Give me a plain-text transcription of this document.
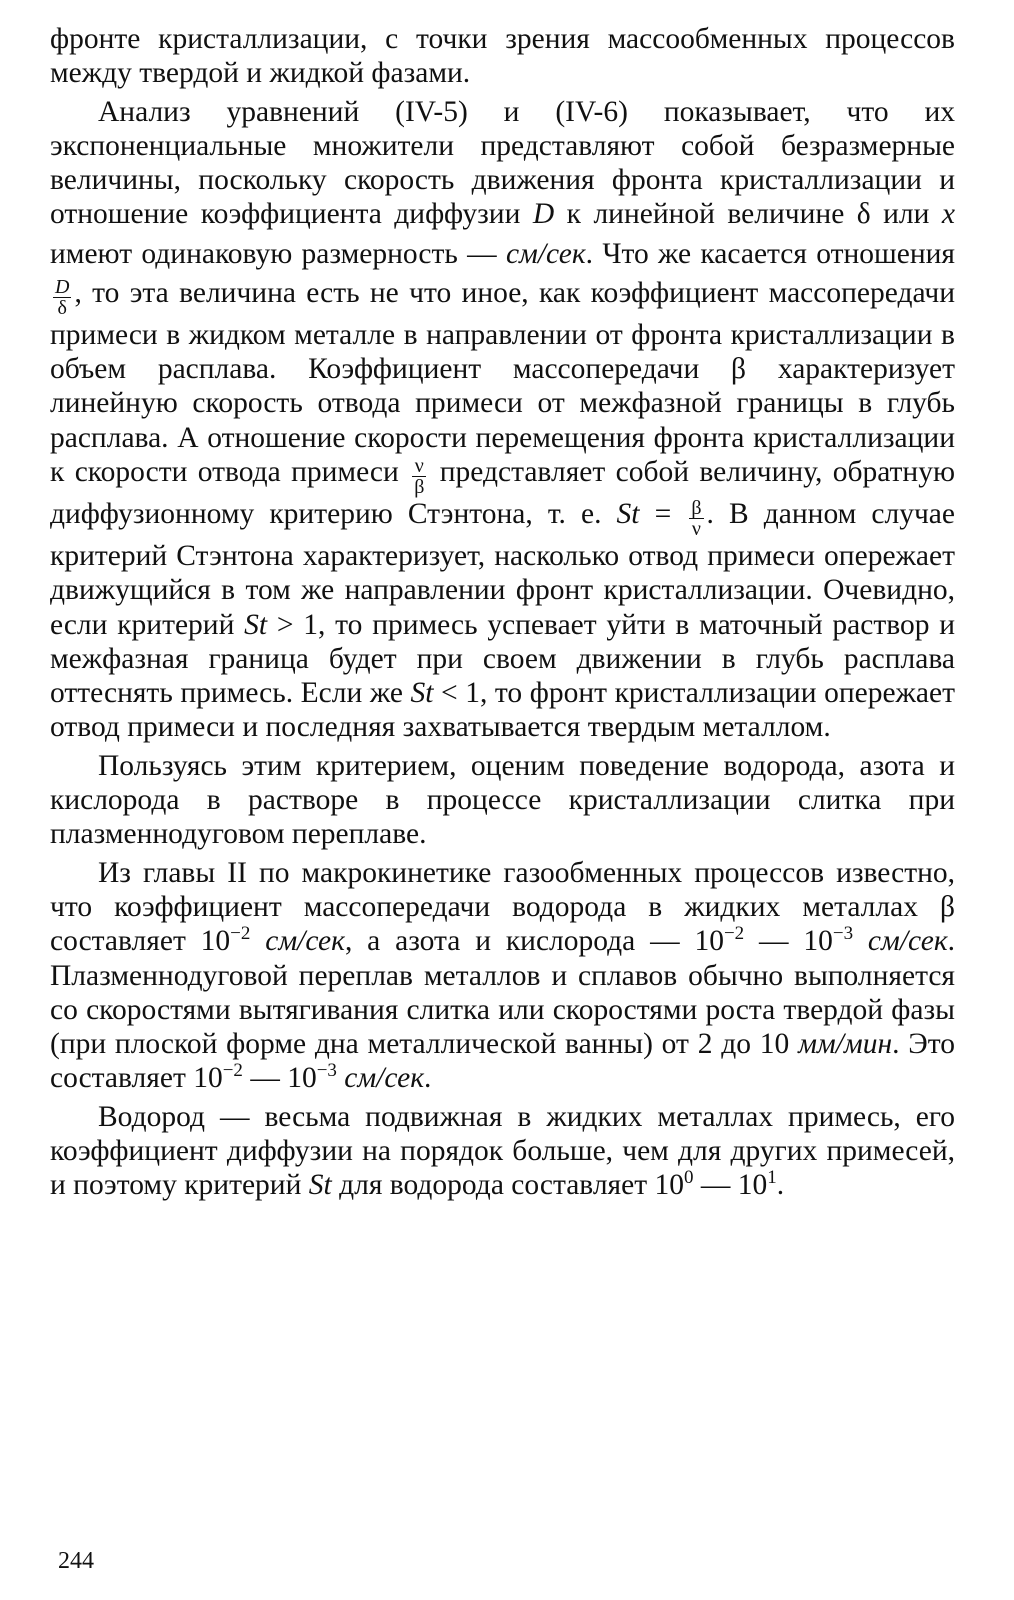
фронте кристаллизации, с точки зрения массообменных процессов между твердой и жидкой фазами.

Анализ уравнений (IV-5) и (IV-6) показывает, что их экспоненциальные множители представляют собой безразмерные величины, поскольку скорость движения фронта кристаллизации и отношение коэффициента диффузии D к линейной величине δ или x имеют одинаковую размерность — см/сек. Что же касается отношения
$\frac{D}{\delta}$ , то эта величина есть не что иное, как коэффициент массопередачи примеси в жидком металле в направлении от фронта кристаллизации в объем расплава. Коэффициент массопередачи β характеризует линейную скорость отвода примеси от межфазной границы в глубь расплава. А отношение скорости перемещения фронта кристаллизации к скорости отвода примеси $\frac{\nu}{\beta}$ представляет собой величину, обратную диффузионному критерию Стэнтона, т. е. $St = \frac{\beta}{\nu}$ . В данном случае критерий Стэнтона характеризует, насколько отвод примеси опережает движущийся в том же направлении фронт кристаллизации. Очевидно, если критерий St > 1, то примесь успевает уйти в маточный раствор и межфазная граница будет при своем движении в глубь расплава оттеснять примесь. Если же St < 1, то фронт кристаллизации опережает отвод примеси и последняя захватывается твердым металлом.

Пользуясь этим критерием, оценим поведение водорода, азота и кислорода в растворе в процессе кристаллизации слитка при плазменнодуговом переплаве.

Из главы II по макрокинетике газообменных процессов известно, что коэффициент массопередачи водорода в жидких металлах β составляет $10^{-2}$ см/сек, а азота и кислорода — $10^{-2}$ — $10^{-3}$ см/сек. Плазменнодуговой переплав металлов и сплавов обычно выполняется со скоростями вытягивания слитка или скоростями роста твердой фазы (при плоской форме дна металлической ванны) от 2 до 10 мм/мин. Это составляет $10^{-2}$ — $10^{-3}$ см/сек.

Водород — весьма подвижная в жидких металлах примесь, его коэффициент диффузии на порядок больше, чем для других примесей, и поэтому критерий St для водорода составляет $10^0$ — $10^1$.

244
